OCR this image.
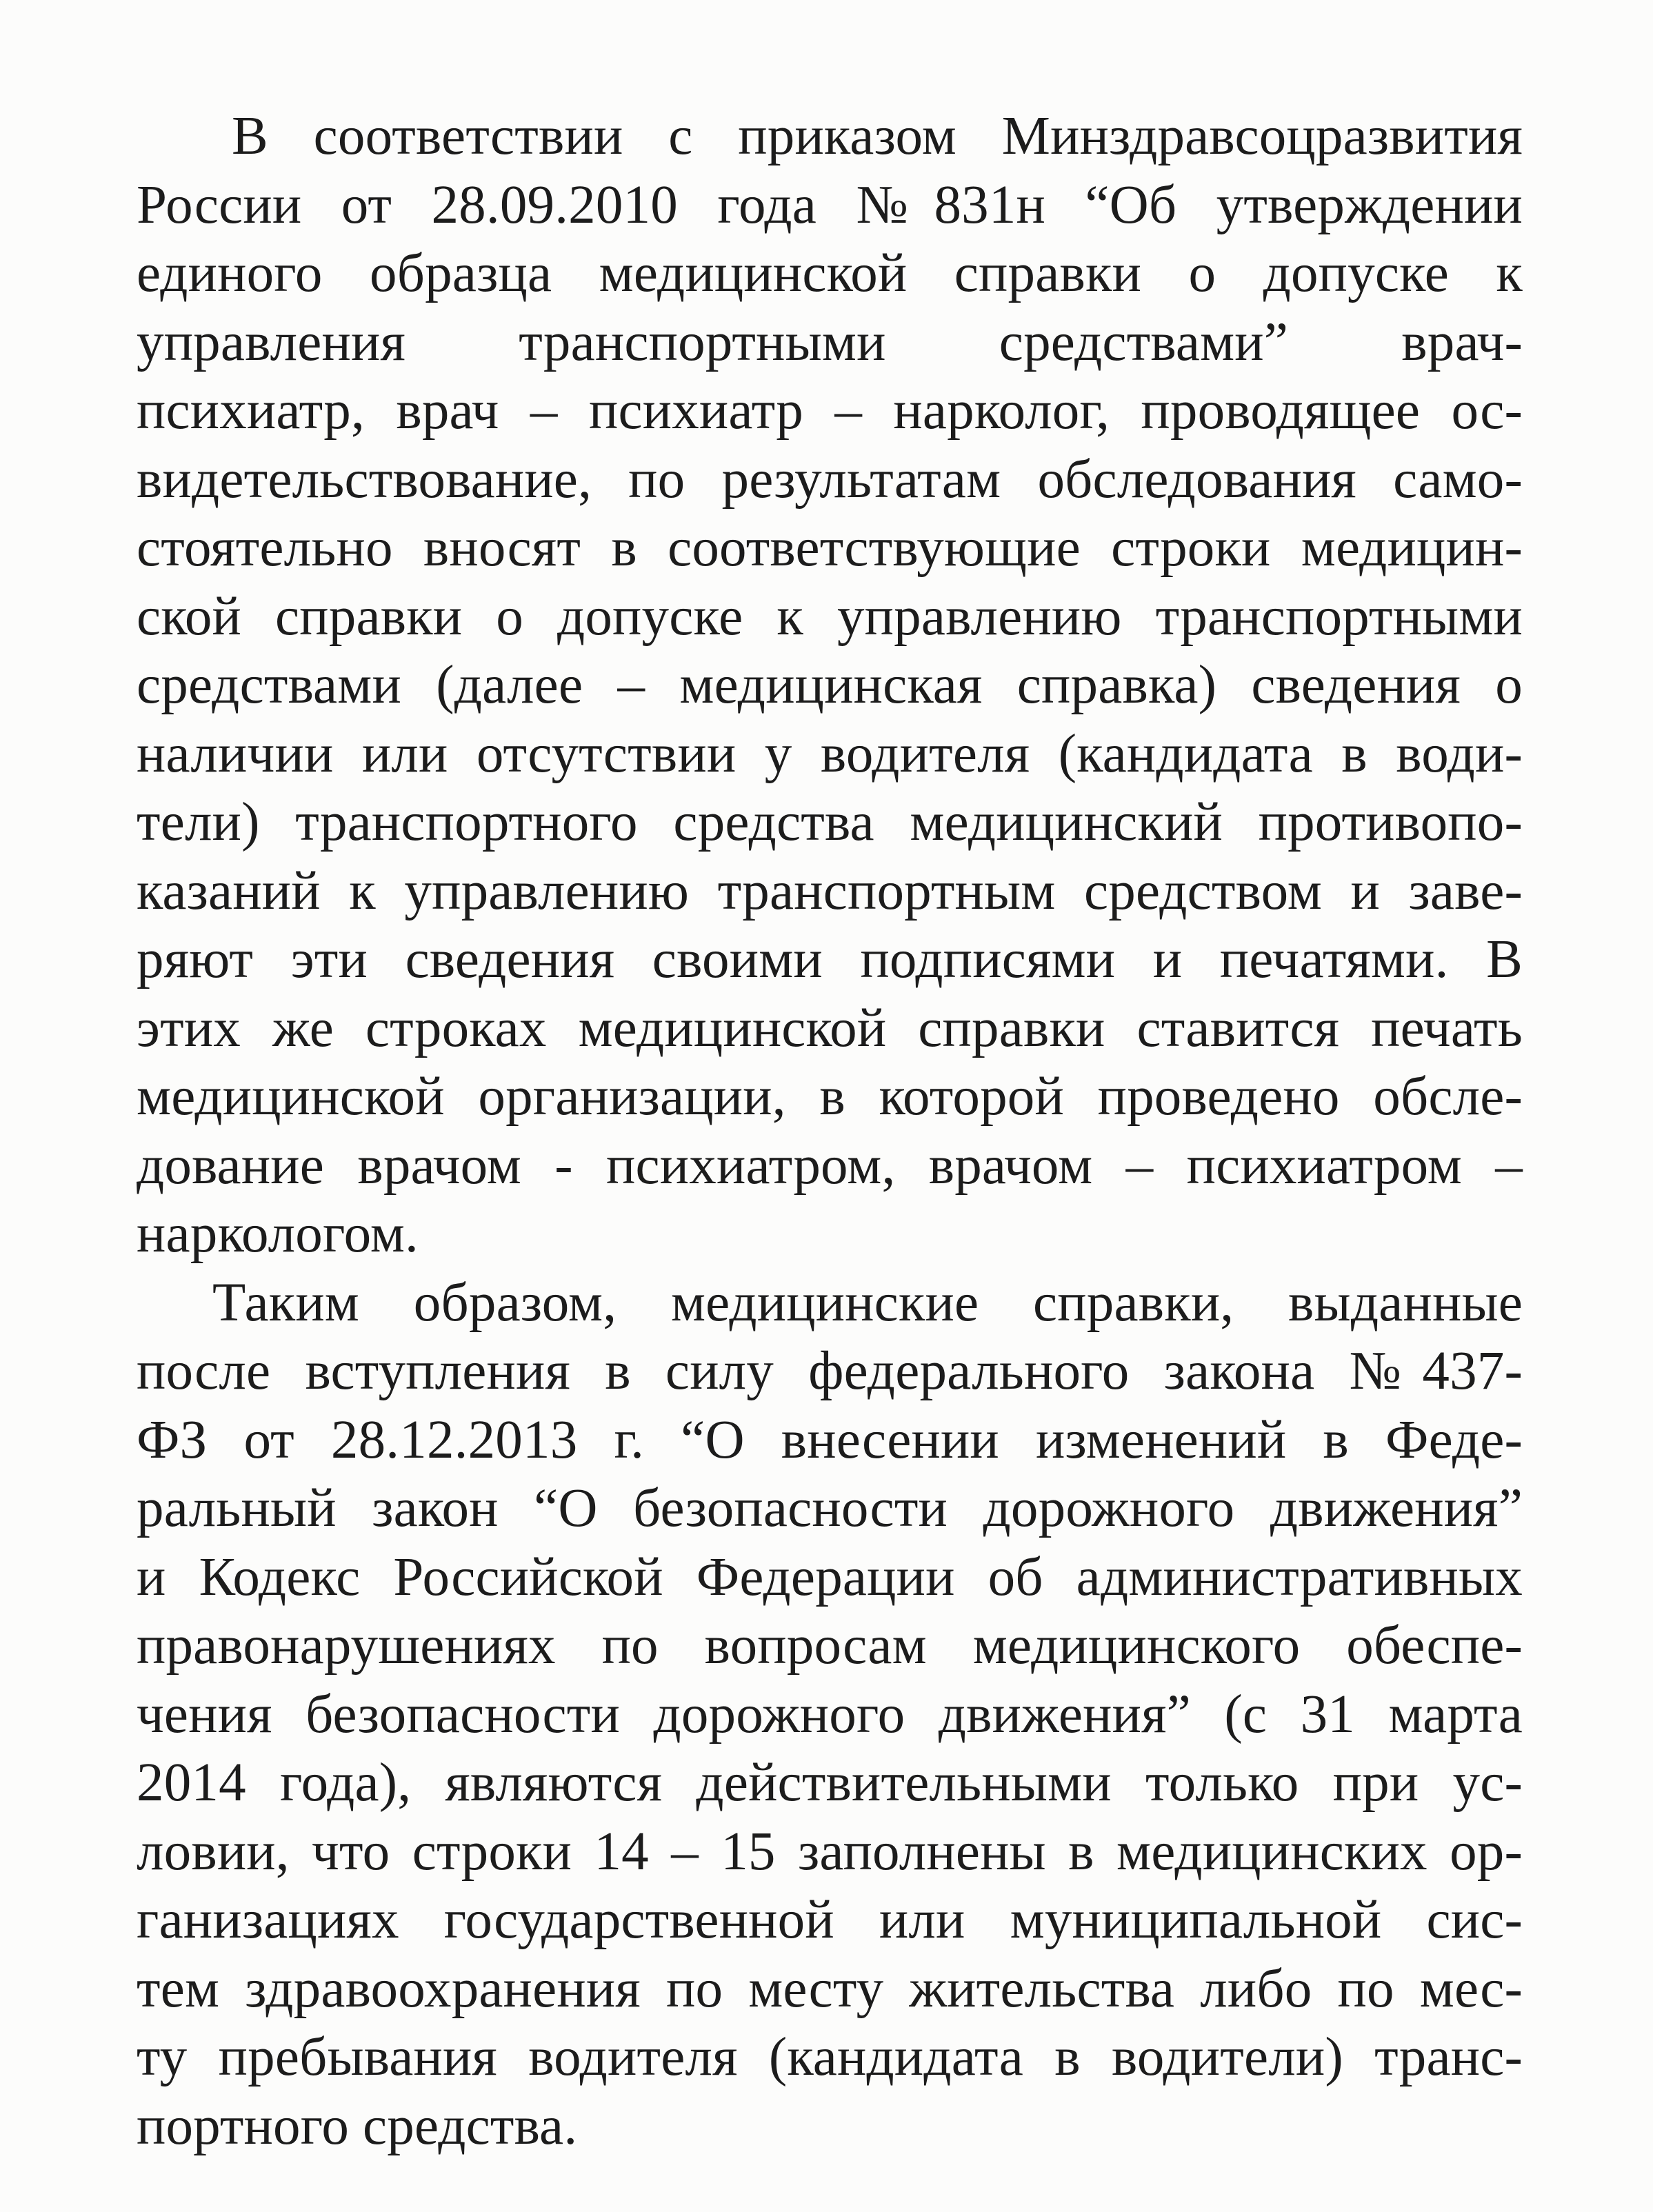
В соответствии с приказом Минздравсоцразвития
России от 28.09.2010 года №831н “Об утверждении
единого образца медицинской справки о допуске к
управления транспортными средствами” врач-
психиатр, врач – психиатр – нарколог, проводящее ос-
видетельствование, по результатам обследования само-
стоятельно вносят в соответствующие строки медицин-
ской справки о допуске к управлению транспортными
средствами (далее – медицинская справка) сведения о
наличии или отсутствии у водителя (кандидата в води-
тели) транспортного средства медицинский противопо-
казаний к управлению транспортным средством и заве-
ряют эти сведения своими подписями и печатями. В
этих же строках медицинской справки ставится печать
медицинской организации, в которой проведено обсле-
дование врачом - психиатром, врачом – психиатром –
наркологом.
Таким образом, медицинские справки, выданные
после вступления в силу федерального закона №437-
ФЗ от 28.12.2013 г. “О внесении изменений в Феде-
ральный закон “О безопасности дорожного движения”
и Кодекс Российской Федерации об административных
правонарушениях по вопросам медицинского обеспе-
чения безопасности дорожного движения” (с 31 марта
2014 года), являются действительными только при ус-
ловии, что строки 14 – 15 заполнены в медицинских ор-
ганизациях государственной или муниципальной сис-
тем здравоохранения по месту жительства либо по мес-
ту пребывания водителя (кандидата в водители) транс-
портного средства.
